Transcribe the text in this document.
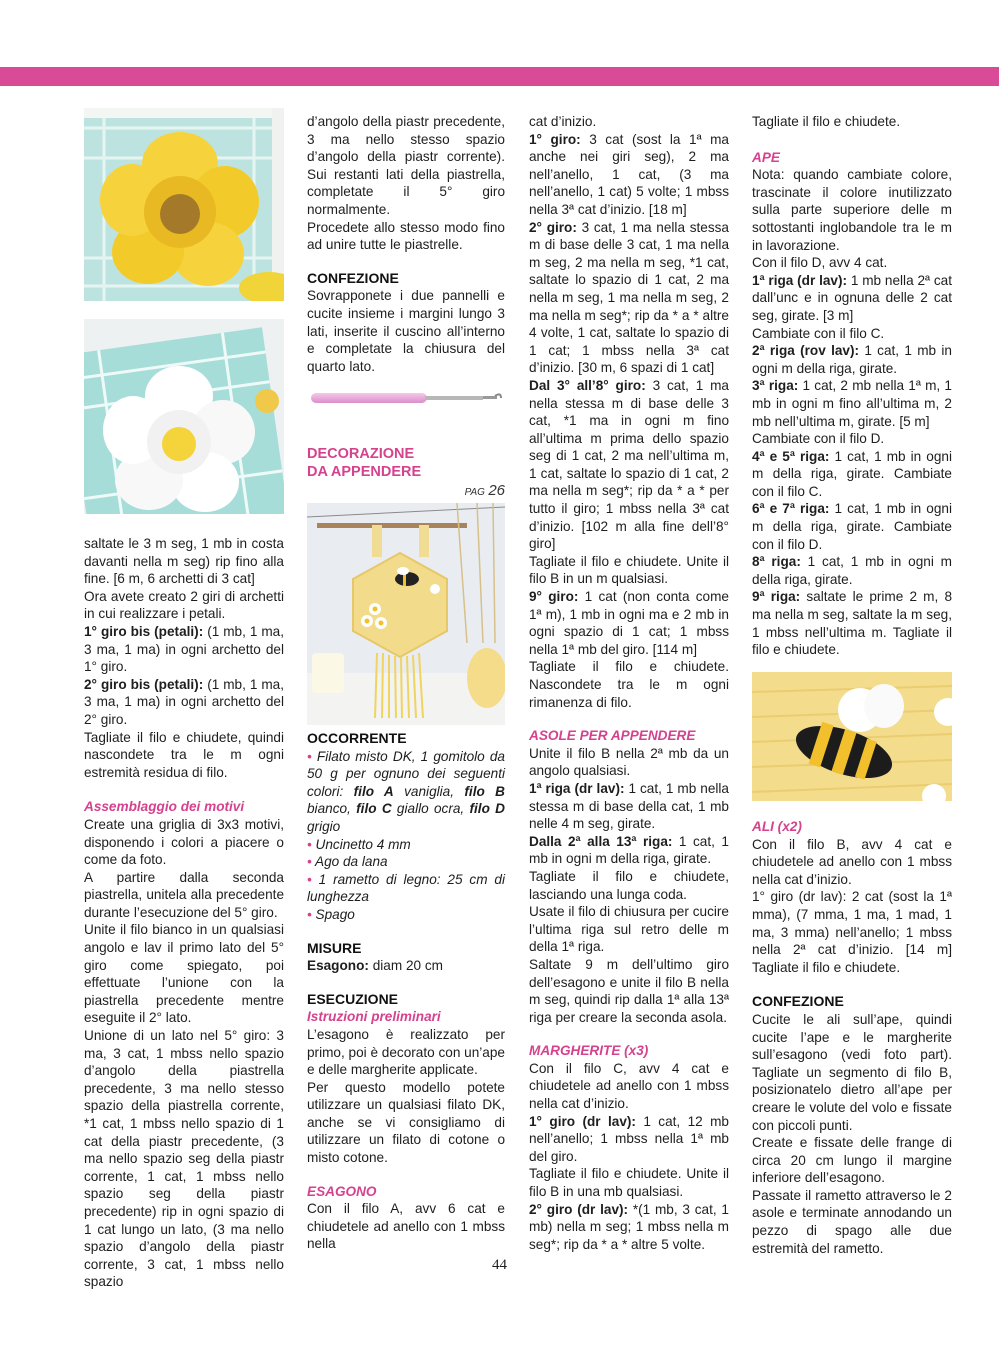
saltate le 3 m seg, 1 mb in costa davanti nella m seg) rip fino alla fine. [6 m, 6 archetti di 3 cat]

Ora avete creato 2 giri di archetti in cui realizzare i petali.

1° giro bis (petali): (1 mb, 1 ma, 3 ma, 1 ma) in ogni archetto del 1° giro.

2° giro bis (petali): (1 mb, 1 ma, 3 ma, 1 ma) in ogni archetto del 2° giro.

Tagliate il filo e chiudete, quindi nascondete tra le m ogni estremità residua di filo.

Assemblaggio dei motivi

Create una griglia di 3x3 motivi, disponendo i colori a piacere o come da foto.

A partire dalla seconda piastrella, unitela alla precedente durante l’esecuzione del 5° giro.

Unite il filo bianco in un qualsiasi angolo e lav il primo lato del 5° giro come spiegato, poi effettuate l’unione con la piastrella precedente mentre eseguite il 2° lato.

Unione di un lato nel 5° giro: 3 ma, 3 cat, 1 mbss nello spazio d’angolo della piastrella precedente, 3 ma nello stesso spazio della piastrella corrente, *1 cat, 1 mbss nello spazio di 1 cat della piastr precedente, (3 ma nello spazio seg della piastr corrente, 1 cat, 1 mbss nello spazio seg della piastr precedente) rip in ogni spazio di 1 cat lungo un lato, (3 ma nello spazio d’angolo della piastr corrente, 3 cat, 1 mbss nello spazio

d’angolo della piastr precedente, 3 ma nello stesso spazio d’angolo della piastr corrente). Sui restanti lati della piastrella, completate il 5° giro normalmente.

Procedete allo stesso modo fino ad unire tutte le piastrelle.

CONFEZIONE

Sovrapponete i due pannelli e cucite insieme i margini lungo 3 lati, inserite il cuscino all’interno e completate la chiusura del quarto lato.

DECORAZIONE

DA APPENDERE

PAG 26

OCCORRENTE

• Filato misto DK, 1 gomitolo da 50 g per ognuno dei seguenti colori: filo A vaniglia, filo B bianco, filo C giallo ocra, filo D grigio

• Uncinetto 4 mm

• Ago da lana

• 1 rametto di legno: 25 cm di lunghezza

• Spago

MISURE

Esagono: diam 20 cm

ESECUZIONE

Istruzioni preliminari

L’esagono è realizzato per primo, poi è decorato con un’ape e delle margherite applicate.

Per questo modello potete utilizzare un qualsiasi filato DK, anche se vi consigliamo di utilizzare un filato di cotone o misto cotone.

ESAGONO

Con il filo A, avv 6 cat e chiudetele ad anello con 1 mbss nella

cat d’inizio.

1° giro: 3 cat (sost la 1ª ma anche nei giri seg), 2 ma nell’anello, 1 cat, (3 ma nell’anello, 1 cat) 5 volte; 1 mbss nella 3ª cat d’inizio. [18 m]

2° giro: 3 cat, 1 ma nella stessa m di base delle 3 cat, 1 ma nella m seg, 2 ma nella m seg, *1 cat, saltate lo spazio di 1 cat, 2 ma nella m seg, 1 ma nella m seg, 2 ma nella m seg*; rip da * a * altre 4 volte, 1 cat, saltate lo spazio di 1 cat; 1 mbss nella 3ª cat d’inizio. [30 m, 6 spazi di 1 cat]

Dal 3° all’8° giro: 3 cat, 1 ma nella stessa m di base delle 3 cat, *1 ma in ogni m fino all’ultima m prima dello spazio seg di 1 cat, 2 ma nell’ultima m, 1 cat, saltate lo spazio di 1 cat, 2 ma nella m seg*; rip da * a * per tutto il giro; 1 mbss nella 3ª cat d’inizio. [102 m alla fine dell’8° giro]

Tagliate il filo e chiudete. Unite il filo B in un m qualsiasi.

9° giro: 1 cat (non conta come 1ª m), 1 mb in ogni ma e 2 mb in ogni spazio di 1 cat; 1 mbss nella 1ª mb del giro. [114 m]

Tagliate il filo e chiudete. Nascondete tra le m ogni rimanenza di filo.

ASOLE PER APPENDERE

Unite il filo B nella 2ª mb da un angolo qualsiasi.

1ª riga (dr lav): 1 cat, 1 mb nella stessa m di base della cat, 1 mb nelle 4 m seg, girate.

Dalla 2ª alla 13ª riga: 1 cat, 1 mb in ogni m della riga, girate.

Tagliate il filo e chiudete, lasciando una lunga coda.

Usate il filo di chiusura per cucire l’ultima riga sul retro delle m della 1ª riga.

Saltate 9 m dell’ultimo giro dell’esagono e unite il filo B nella m seg, quindi rip dalla 1ª alla 13ª riga per creare la seconda asola.

MARGHERITE (x3)

Con il filo C, avv 4 cat e chiudetele ad anello con 1 mbss nella cat d’inizio.

1° giro (dr lav): 1 cat, 12 mb nell’anello; 1 mbss nella 1ª mb del giro.

Tagliate il filo e chiudete. Unite il filo B in una mb qualsiasi.

2° giro (dr lav): *(1 mb, 3 cat, 1 mb) nella m seg; 1 mbss nella m seg*; rip da * a * altre 5 volte.

Tagliate il filo e chiudete.

APE

Nota: quando cambiate colore, trascinate il colore inutilizzato sulla parte superiore delle m sottostanti inglobandole tra le m in lavorazione.

Con il filo D, avv 4 cat.

1ª riga (dr lav): 1 mb nella 2ª cat dall’unc e in ognuna delle 2 cat seg, girate. [3 m]

Cambiate con il filo C.

2ª riga (rov lav): 1 cat, 1 mb in ogni m della riga, girate.

3ª riga: 1 cat, 2 mb nella 1ª m, 1 mb in ogni m fino all’ultima m, 2 mb nell’ultima m, girate. [5 m]

Cambiate con il filo D.

4ª e 5ª riga: 1 cat, 1 mb in ogni m della riga, girate. Cambiate con il filo C.

6ª e 7ª riga: 1 cat, 1 mb in ogni m della riga, girate. Cambiate con il filo D.

8ª riga: 1 cat, 1 mb in ogni m della riga, girate.

9ª riga: saltate le prime 2 m, 8 ma nella m seg, saltate la m seg, 1 mbss nell’ultima m. Tagliate il filo e chiudete.

ALI (x2)

Con il filo B, avv 4 cat e chiudetele ad anello con 1 mbss nella cat d’inizio.

1° giro (dr lav): 2 cat (sost la 1ª mma), (7 mma, 1 ma, 1 mad, 1 ma, 3 mma) nell’anello; 1 mbss nella 2ª cat d’inizio. [14 m] Tagliate il filo e chiudete.

CONFEZIONE

Cucite le ali sull’ape, quindi cucite l’ape e le margherite sull’esagono (vedi foto part). Tagliate un segmento di filo B, posizionatelo dietro all’ape per creare le volute del volo e fissate con piccoli punti.

Create e fissate delle frange di circa 20 cm lungo il margine inferiore dell’esagono.

Passate il rametto attraverso le 2 asole e terminate annodando un pezzo di spago alle due estremità del rametto.

44
